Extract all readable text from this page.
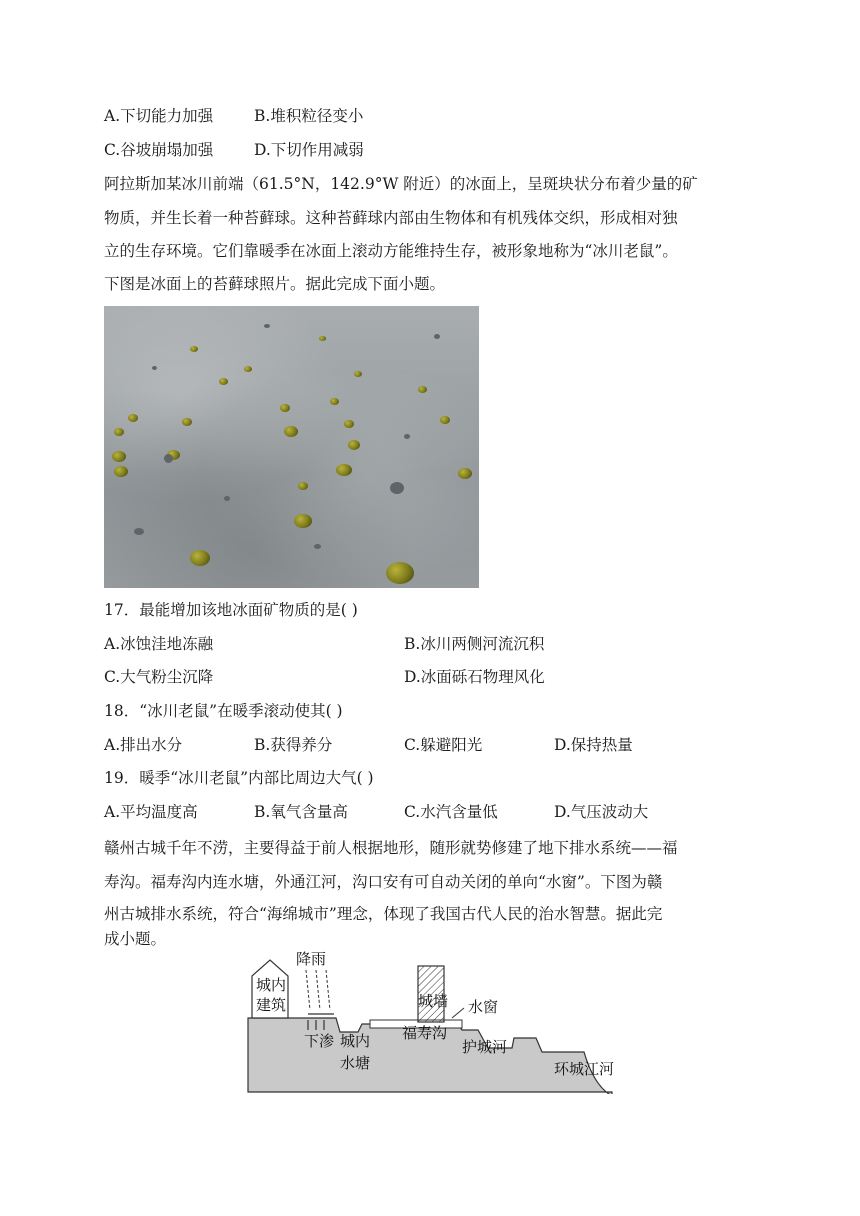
A.下切能力加强	B.堆积粒径变小
C.谷坡崩塌加强	D.下切作用减弱
阿拉斯加某冰川前端（61.5°N，142.9°W 附近）的冰面上，呈斑块状分布着少量的矿
物质，并生长着一种苔藓球。这种苔藓球内部由生物体和有机残体交织，形成相对独
立的生存环境。它们靠暖季在冰面上滚动方能维持生存，被形象地称为“冰川老鼠”。
下图是冰面上的苔藓球照片。据此完成下面小题。
17．最能增加该地冰面矿物质的是( )
A.冰蚀洼地冻融	B.冰川两侧河流沉积
C.大气粉尘沉降	D.冰面砾石物理风化
18．“冰川老鼠”在暖季滚动使其( )
A.排出水分	B.获得养分	C.躲避阳光	D.保持热量
19．暖季“冰川老鼠”内部比周边大气( )
A.平均温度高	B.氧气含量高	C.水汽含量低	D.气压波动大
赣州古城千年不涝，主要得益于前人根据地形，随形就势修建了地下排水系统——福
寿沟。福寿沟内连水塘，外通江河，沟口安有可自动关闭的单向“水窗”。下图为赣
州古城排水系统，符合“海绵城市”理念，体现了我国古代人民的治水智慧。据此完
成小题。
城内
建筑
降雨
下渗 城内
水塘
福寿沟
城墙 水窗
护城河
环城江河
